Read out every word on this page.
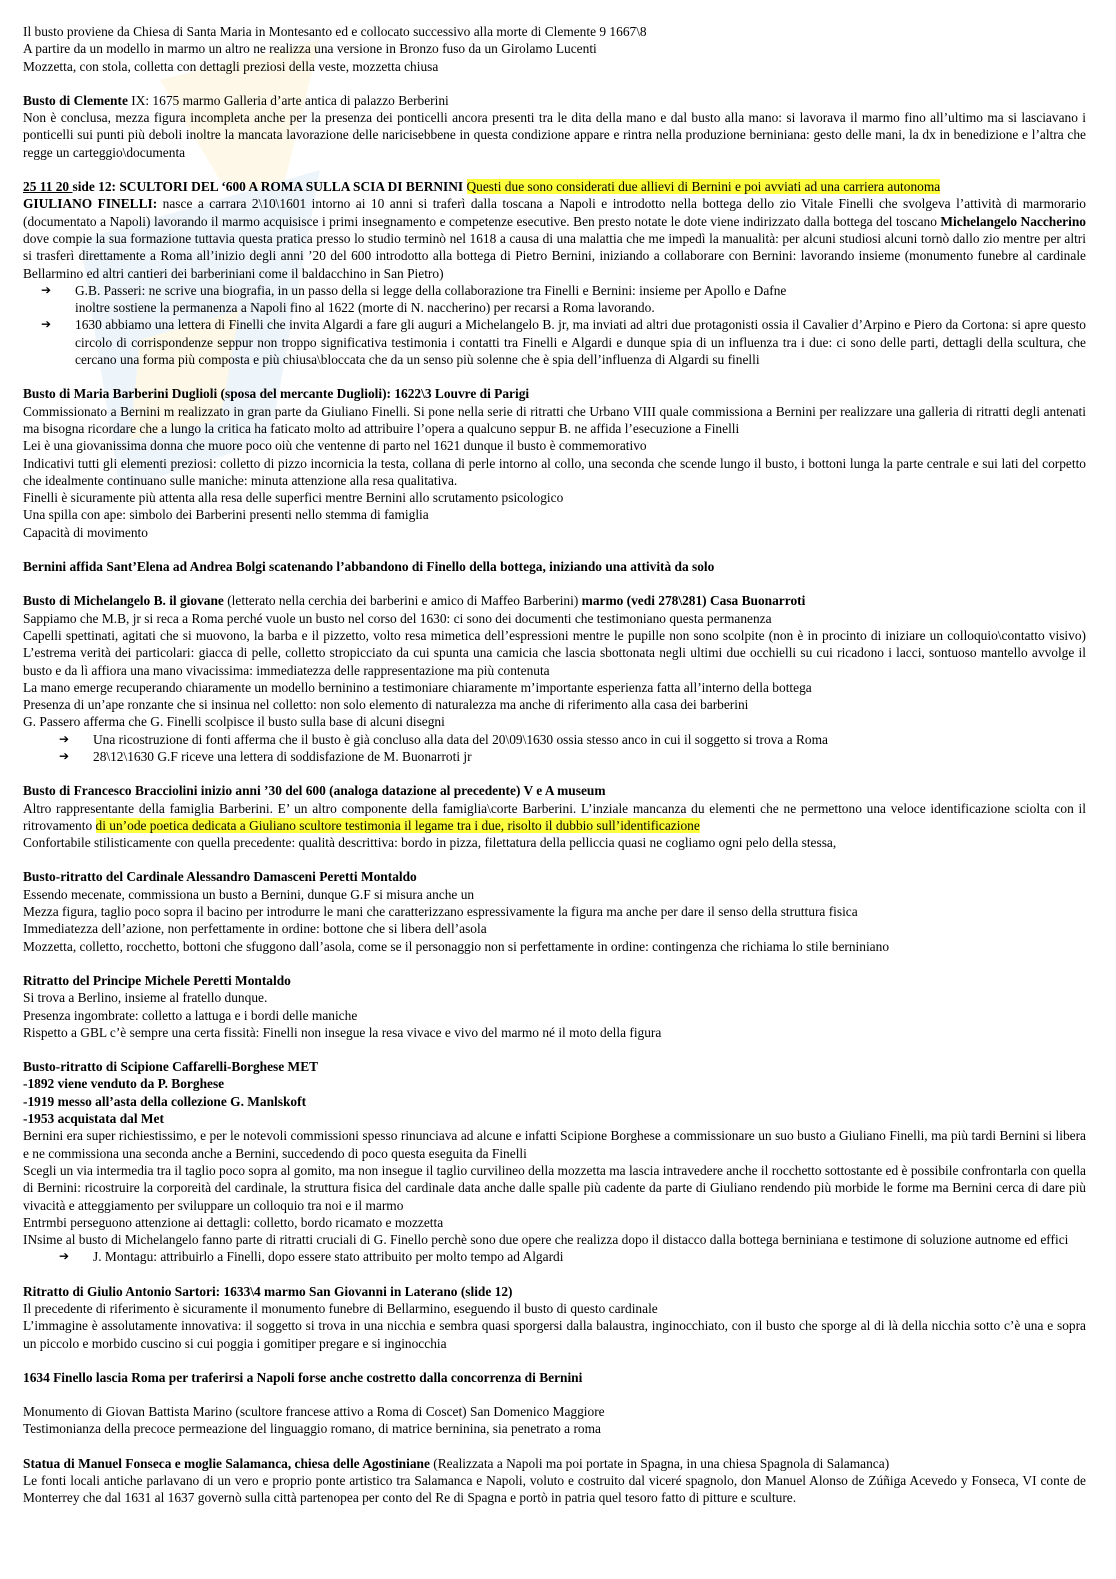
Il busto proviene da Chiesa di Santa Maria in Montesanto ed e collocato successivo alla morte di Clemente 9 1667\8

A partire da un modello in marmo un altro ne realizza una versione in Bronzo fuso da un Girolamo Lucenti

Mozzetta, con stola, colletta con dettagli preziosi della veste, mozzetta chiusa

Busto di Clemente IX: 1675 marmo Galleria d’arte antica di palazzo Berberini

Non è conclusa, mezza figura incompleta anche per la presenza dei ponticelli ancora presenti tra le dita della mano e dal busto alla mano: si lavorava il marmo fino all’ultimo ma si lasciavano i ponticelli sui punti più deboli inoltre la mancata lavorazione delle naricisebbene in questa condizione appare e rintra nella produzione berniniana: gesto delle mani, la dx in benedizione e l’altra che regge un carteggio\documenta

25 11 20 side 12: SCULTORI DEL ‘600 A ROMA SULLA SCIA DI BERNINI Questi due sono considerati due allievi di Bernini e poi avviati ad una carriera autonoma

GIULIANO FINELLI: nasce a carrara 2\10\1601 intorno ai 10 anni si traferì dalla toscana a Napoli e introdotto nella bottega dello zio Vitale Finelli che svolgeva l’attività di marmorario (documentato a Napoli) lavorando il marmo acquisisce i primi insegnamento e competenze esecutive. Ben presto notate le dote viene indirizzato dalla bottega del toscano Michelangelo Naccherino dove compie la sua formazione tuttavia questa pratica presso lo studio terminò nel 1618 a causa di una malattia che me impedì la manualità: per alcuni studiosi alcuni tornò dallo zio mentre per altri si trasferì direttamente a Roma all’inizio degli anni ’20 del 600 introdotto alla bottega di Pietro Bernini, iniziando a collaborare con Bernini: lavorando insieme (monumento funebre al cardinale Bellarmino ed altri cantieri dei barberiniani come il baldacchino in San Pietro)

➔	G.B. Passeri: ne scrive una biografia, in un passo della si legge della collaborazione tra Finelli e Bernini: insieme per Apollo e Dafne

inoltre sostiene la permanenza a Napoli fino al 1622 (morte di N. naccherino) per recarsi a Roma lavorando.

➔	1630 abbiamo una lettera di Finelli che invita Algardi a fare gli auguri a Michelangelo B. jr, ma inviati ad altri due protagonisti ossia il Cavalier d’Arpino e Piero da Cortona: si apre questo circolo di corrispondenze seppur non troppo significativa testimonia i contatti tra Finelli e Algardi e dunque spia di un influenza tra i due: ci sono delle parti, dettagli della scultura, che cercano una forma più composta e più chiusa\bloccata che da un senso più solenne che è spia dell’influenza di Algardi su finelli

Busto di Maria Barberini Duglioli (sposa del mercante Duglioli): 1622\3 Louvre di Parigi

Commissionato a Bernini m realizzato in gran parte da Giuliano Finelli. Si pone nella serie di ritratti che Urbano VIII quale commissiona a Bernini per realizzare una galleria di ritratti degli antenati ma bisogna ricordare che a lungo la critica ha faticato molto ad attribuire l’opera a qualcuno seppur B. ne affida l’esecuzione a Finelli

Lei è una giovanissima donna che muore poco oiù che ventenne di parto nel 1621 dunque il busto è commemorativo

Indicativi tutti gli elementi preziosi: colletto di pizzo incornicia la testa, collana di perle intorno al collo, una seconda che scende lungo il busto, i bottoni lunga la parte centrale e sui lati del corpetto che idealmente continuano sulle maniche: minuta attenzione alla resa qualitativa.

Finelli è sicuramente più attenta alla resa delle superfici mentre Bernini allo scrutamento psicologico

Una spilla con ape: simbolo dei Barberini presenti nello stemma di famiglia

Capacità di movimento

Bernini affida Sant’Elena ad Andrea Bolgi scatenando l’abbandono di Finello della bottega, iniziando una attività da solo

Busto di Michelangelo B. il giovane (letterato nella cerchia dei barberini e amico di Maffeo Barberini) marmo (vedi 278\281) Casa Buonarroti

Sappiamo che M.B, jr si reca a Roma perché vuole un busto nel corso del 1630: ci sono dei documenti che testimoniano questa permanenza

Capelli spettinati, agitati che si muovono, la barba e il pizzetto, volto resa mimetica dell’espressioni mentre le pupille non sono scolpite (non è in procinto di iniziare un colloquio\contatto visivo) L’estrema verità dei particolari: giacca di pelle, colletto stropicciato da cui spunta una camicia che lascia sbottonata negli ultimi due occhielli su cui ricadono i lacci, sontuoso mantello avvolge il busto e da lì affiora una mano vivacissima: immediatezza delle rappresentazione ma più contenuta

La mano emerge recuperando chiaramente un modello berninino a testimoniare chiaramente m’importante esperienza fatta all’interno della bottega

Presenza di un’ape ronzante che si insinua nel colletto: non solo elemento di naturalezza ma anche di riferimento alla casa dei barberini

G. Passero afferma che G. Finelli scolpisce il busto sulla base di alcuni disegni

➔	Una ricostruzione di fonti afferma che il busto è già concluso alla data del 20\09\1630 ossia stesso anco in cui il soggetto si trova a Roma

➔	28\12\1630 G.F riceve una lettera di soddisfazione de M. Buonarroti jr

Busto di Francesco Bracciolini inizio anni ’30 del 600 (analoga datazione al precedente) V e A museum

Altro rappresentante della famiglia Barberini. E’ un altro componente della famiglia\corte Barberini. L’inziale mancanza du elementi che ne permettono una veloce identificazione sciolta con il ritrovamento di un’ode poetica dedicata a Giuliano scultore testimonia il legame tra i due, risolto il dubbio sull’identificazione

Confortabile stilisticamente con quella precedente: qualità descrittiva: bordo in pizza, filettatura della pelliccia quasi ne cogliamo ogni pelo della stessa,

Busto-ritratto del Cardinale Alessandro Damasceni Peretti Montaldo

Essendo mecenate, commissiona un busto a Bernini, dunque G.F si misura anche un

Mezza figura, taglio poco sopra il bacino per introdurre le mani che caratterizzano espressivamente la figura ma anche per dare il senso della struttura fisica

Immediatezza dell’azione, non perfettamente in ordine: bottone che si libera dell’asola

Mozzetta, colletto, rocchetto, bottoni che sfuggono dall’asola, come se il personaggio non si perfettamente in ordine: contingenza che richiama lo stile berniniano

Ritratto del Principe Michele Peretti Montaldo

Si trova a Berlino, insieme al fratello dunque.

Presenza ingombrate: colletto a lattuga e i bordi delle maniche

Rispetto a GBL c’è sempre una certa fissità: Finelli non insegue la resa vivace e vivo del marmo né il moto della figura

Busto-ritratto di Scipione Caffarelli-Borghese MET

-1892 viene venduto da P. Borghese

-1919 messo all’asta della collezione G. Manlskoft

-1953 acquistata dal Met

Bernini era super richiestissimo, e per le notevoli commissioni spesso rinunciava ad alcune e infatti Scipione Borghese a commissionare un suo busto a Giuliano Finelli, ma più tardi Bernini si libera e ne commissiona una seconda anche a Bernini, succedendo di poco questa eseguita da Finelli

Scegli un via intermedia tra il taglio poco sopra al gomito, ma non insegue il taglio curvilineo della mozzetta ma lascia intravedere anche il rocchetto sottostante ed è possibile confrontarla con quella di Bernini: ricostruire la corporeità del cardinale, la struttura fisica del cardinale data anche dalle spalle più cadente da parte di Giuliano rendendo più morbide le forme ma Bernini cerca di dare più vivacità e atteggiamento per sviluppare un colloquio tra noi e il marmo

Entrmbi perseguono attenzione ai dettagli: colletto, bordo ricamato e mozzetta

INsime al busto di Michelangelo fanno parte di ritratti cruciali di G. Finello perchè sono due opere che realizza dopo il distacco dalla bottega berniniana e testimone di soluzione autnome ed effici

➔	J. Montagu: attribuirlo a Finelli, dopo essere stato attribuito per molto tempo ad Algardi

Ritratto di Giulio Antonio Sartori: 1633\4 marmo San Giovanni in Laterano (slide 12)

Il precedente di riferimento è sicuramente il monumento funebre di Bellarmino, eseguendo il busto di questo cardinale

L’immagine è assolutamente innovativa: il soggetto si trova in una nicchia e sembra quasi sporgersi dalla balaustra, inginocchiato, con il busto che sporge al di là della nicchia sotto c’è una e sopra un piccolo e morbido cuscino si cui poggia i gomitiper pregare e si inginocchia

1634 Finello lascia Roma per traferirsi a Napoli forse anche costretto dalla concorrenza di Bernini

Monumento di Giovan Battista Marino (scultore francese attivo a Roma di Coscet) San Domenico Maggiore

Testimonianza della precoce permeazione del linguaggio romano, di matrice berninina, sia penetrato a roma

Statua di Manuel Fonseca e moglie Salamanca, chiesa delle Agostiniane (Realizzata a Napoli ma poi portate in Spagna, in una chiesa Spagnola di Salamanca)

Le fonti locali antiche parlavano di un vero e proprio ponte artistico tra Salamanca e Napoli, voluto e costruito dal viceré spagnolo, don Manuel Alonso de Zúñiga Acevedo y Fonseca, VI conte de Monterrey che dal 1631 al 1637 governò sulla città partenopea per conto del Re di Spagna e portò in patria quel tesoro fatto di pitture e sculture.
